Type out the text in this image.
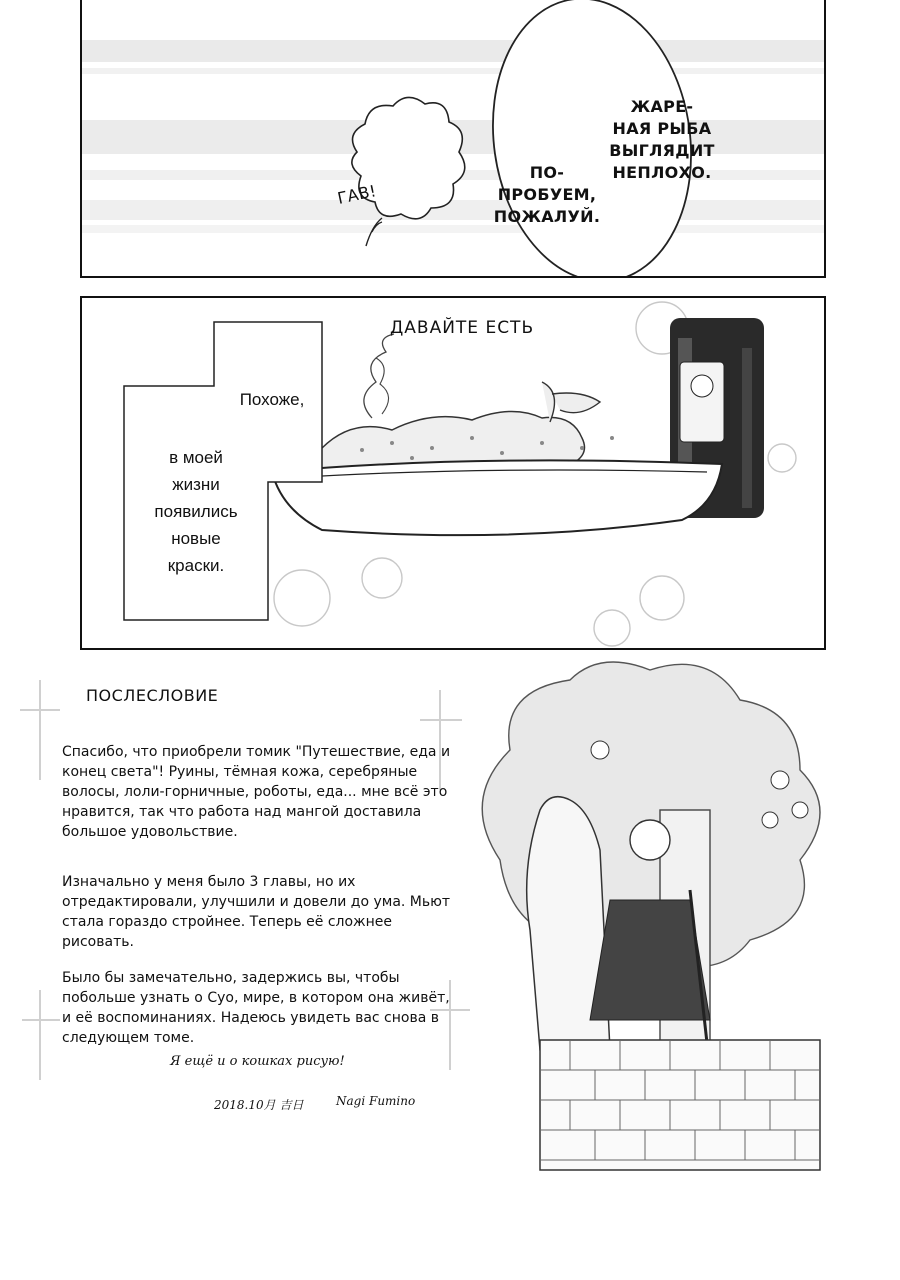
ГАВ!
ЖАРЕ-
НАЯ РЫБА
ВЫГЛЯДИТ
НЕПЛОХО.
ПО-
ПРОБУЕМ,
ПОЖАЛУЙ.
ДАВАЙТЕ ЕСТЬ
Похоже,
в моей
жизни
появились
новые
краски.
ПОСЛЕСЛОВИЕ
Спасибо, что приобрели томик "Путешествие, еда и конец света"! Руины, тёмная кожа, серебряные волосы, лоли-горничные, роботы, еда... мне всё это нравится, так что работа над мангой доставила большое удовольствие.
Изначально у меня было 3 главы, но их отредактировали, улучшили и довели до ума. Мьют стала гораздо стройнее. Теперь её сложнее рисовать.
Было бы замечательно, задержись вы, чтобы побольше узнать о Суо, мире, в котором она живёт, и её воспоминаниях. Надеюсь увидеть вас снова в следующем томе.
Я ещё и о кошках рисую!
2018.10月 吉日	Nagi Fumino
